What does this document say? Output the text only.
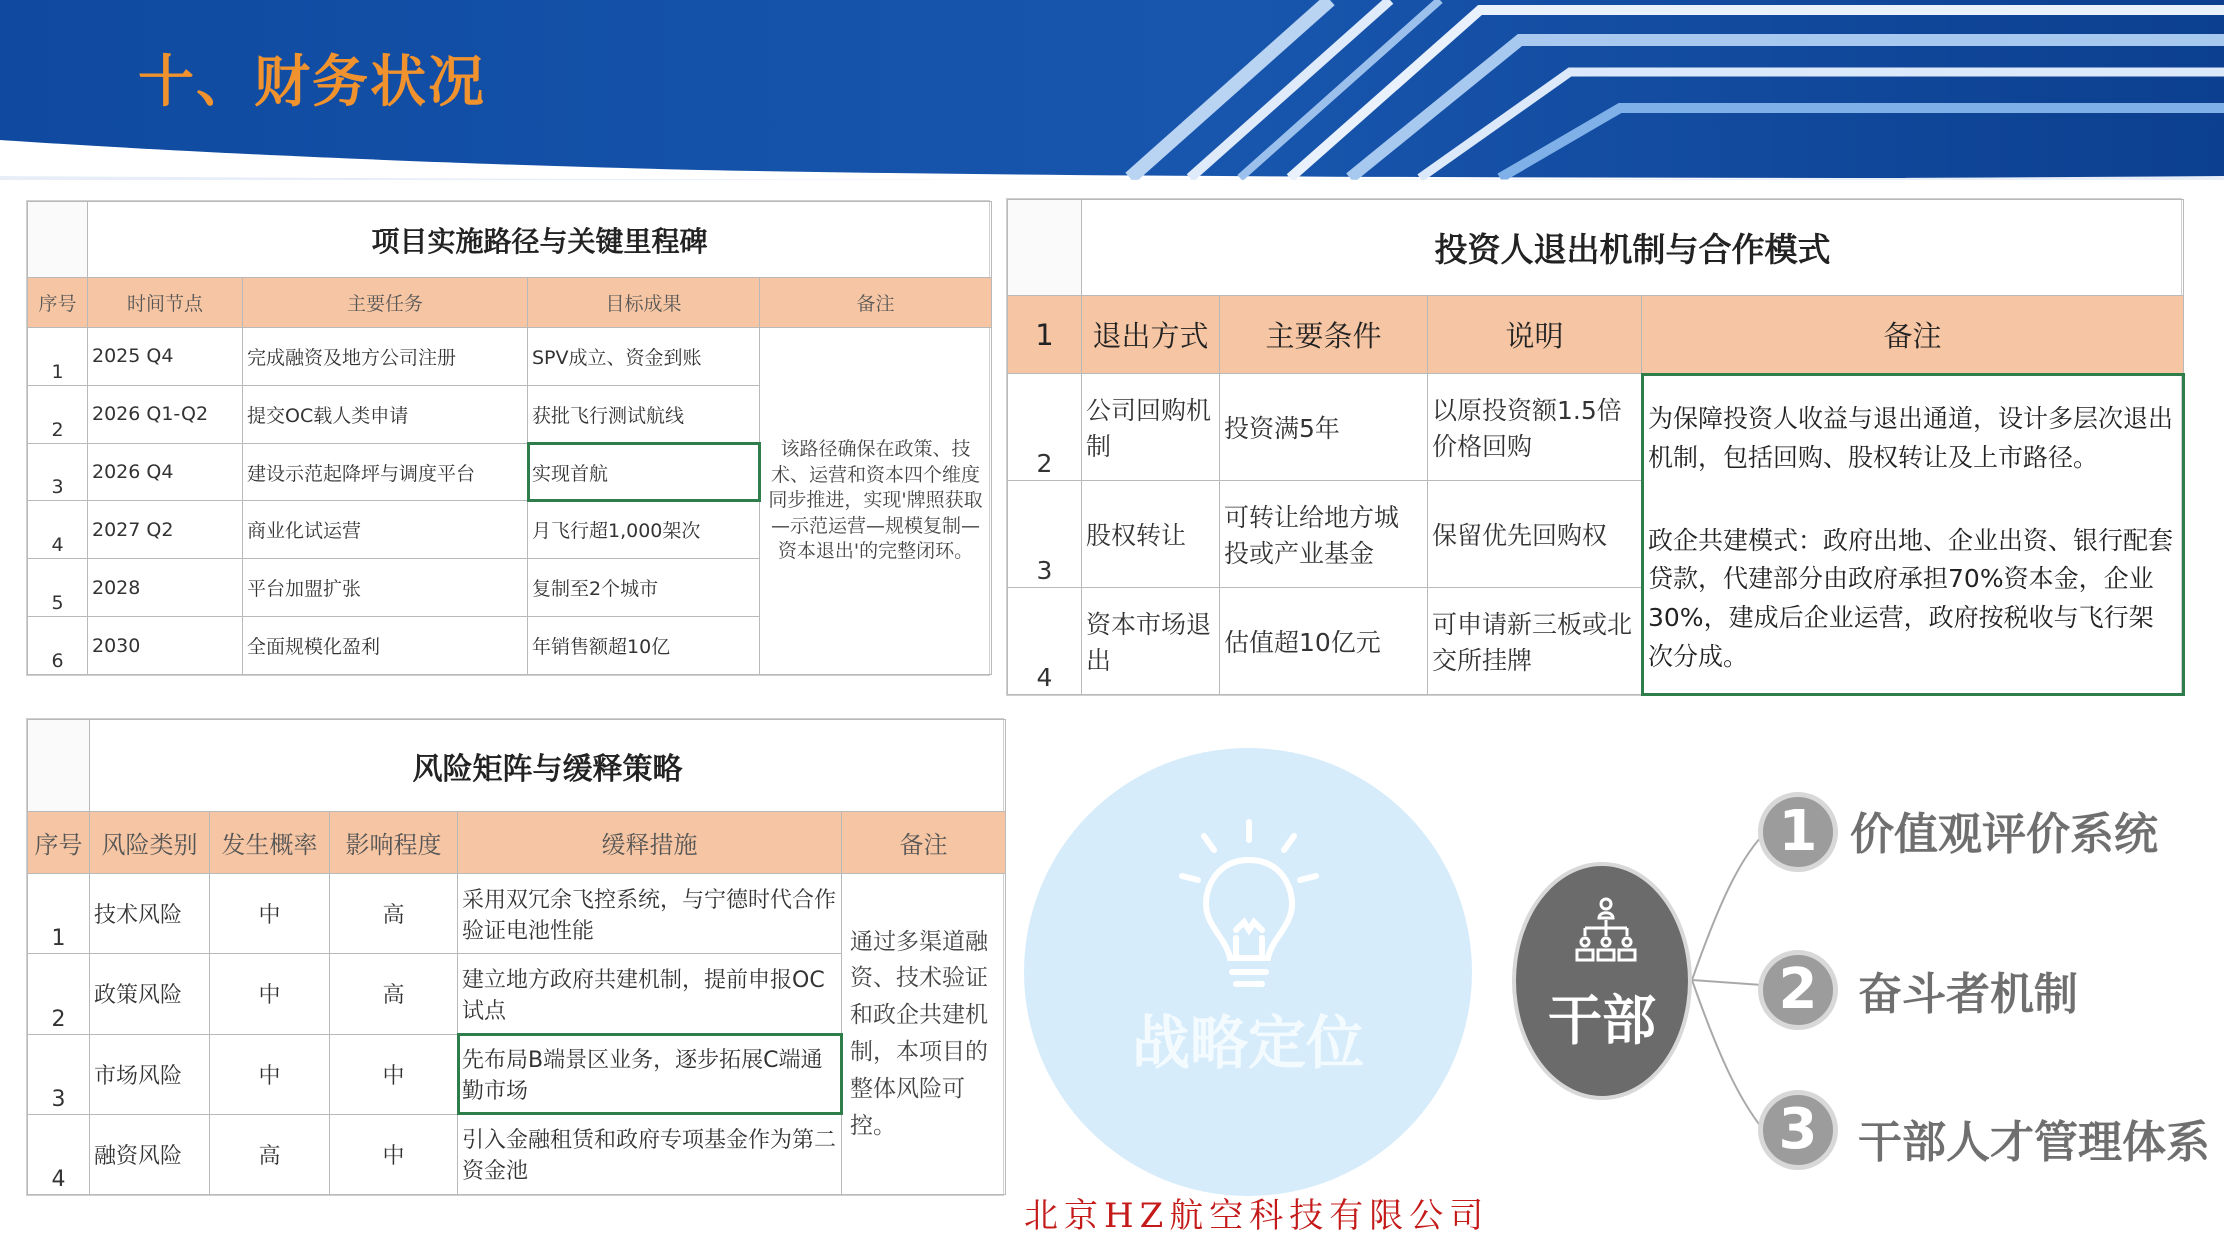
十、财务状况
	项目实施路径与关键里程碑			
序号	时间节点	主要任务	目标成果	备注
1	2025 Q4	完成融资及地方公司注册	SPV成立、资金到账	该路径确保在政策、技术、运营和资本四个维度同步推进，实现'牌照获取—示范运营—规模复制—资本退出'的完整闭环。
2	2026 Q1-Q2	提交OC载人类申请	获批飞行测试航线	
3	2026 Q4	建设示范起降坪与调度平台	实现首航	
4	2027 Q2	商业化试运营	月飞行超1,000架次	
5	2028	平台加盟扩张	复制至2个城市	
6	2030	全面规模化盈利	年销售额超10亿	
	投资人退出机制与合作模式			
1	退出方式	主要条件	说明	备注
2	公司回购机制	投资满5年	以原投资额1.5倍价格回购	为保障投资人收益与退出通道，设计多层次退出机制，包括回购、股权转让及上市路径。

政企共建模式：政府出地、企业出资、银行配套贷款，代建部分由政府承担70%资本金，企业30%，建成后企业运营，政府按税收与飞行架次分成。

3	股权转让	可转让给地方城投或产业基金	保留优先回购权	
4	资本市场退出	估值超10亿元	可申请新三板或北交所挂牌	
	风险矩阵与缓释策略				
序号	风险类别	发生概率	影响程度	缓释措施	备注
1	技术风险	中	高	采用双冗余飞控系统，与宁德时代合作验证电池性能	通过多渠道融资、技术验证和政企共建机制，本项目的整体风险可控。
2	政策风险	中	高	建立地方政府共建机制，提前申报OC试点	
3	市场风险	中	中	先布局B端景区业务，逐步拓展C端通勤市场	
4	融资风险	高	中	引入金融租赁和政府专项基金作为第二资金池	
战略定位	干部
1 价值观评价系统
2 奋斗者机制
3 干部人才管理体系
北京HZ航空科技有限公司
